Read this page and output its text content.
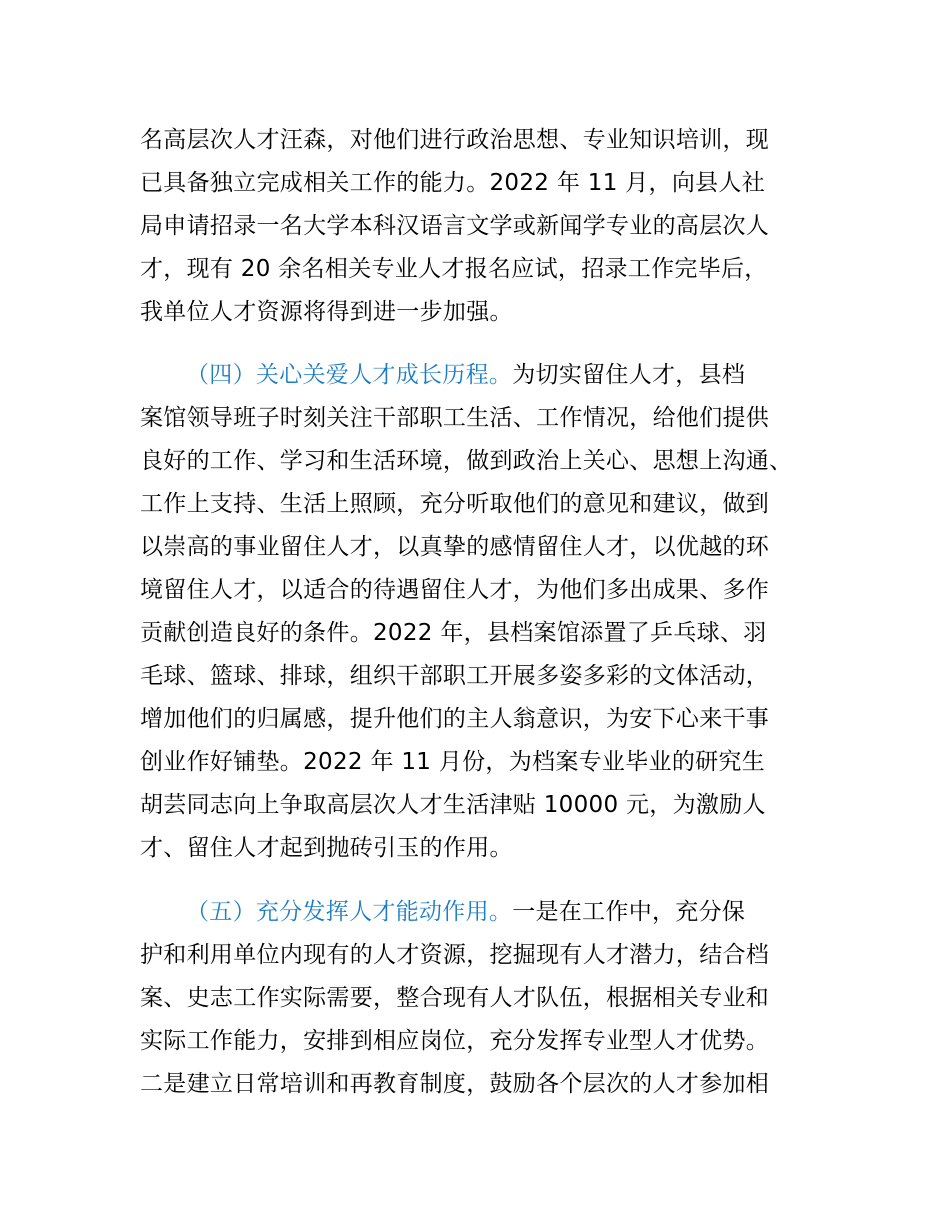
名高层次人才汪森，对他们进行政治思想、专业知识培训，现
已具备独立完成相关工作的能力。2022 年 11 月，向县人社
局申请招录一名大学本科汉语言文学或新闻学专业的高层次人
才，现有 20 余名相关专业人才报名应试，招录工作完毕后，
我单位人才资源将得到进一步加强。
（四）关心关爱人才成长历程。为切实留住人才，县档
案馆领导班子时刻关注干部职工生活、工作情况，给他们提供
良好的工作、学习和生活环境，做到政治上关心、思想上沟通、
工作上支持、生活上照顾，充分听取他们的意见和建议，做到
以崇高的事业留住人才，以真挚的感情留住人才，以优越的环
境留住人才，以适合的待遇留住人才，为他们多出成果、多作
贡献创造良好的条件。2022 年，县档案馆添置了乒乓球、羽
毛球、篮球、排球，组织干部职工开展多姿多彩的文体活动，
增加他们的归属感，提升他们的主人翁意识，为安下心来干事
创业作好铺垫。2022 年 11 月份，为档案专业毕业的研究生
胡芸同志向上争取高层次人才生活津贴 10000 元，为激励人
才、留住人才起到抛砖引玉的作用。
（五）充分发挥人才能动作用。一是在工作中，充分保
护和利用单位内现有的人才资源，挖掘现有人才潜力，结合档
案、史志工作实际需要，整合现有人才队伍，根据相关专业和
实际工作能力，安排到相应岗位，充分发挥专业型人才优势。
二是建立日常培训和再教育制度，鼓励各个层次的人才参加相
